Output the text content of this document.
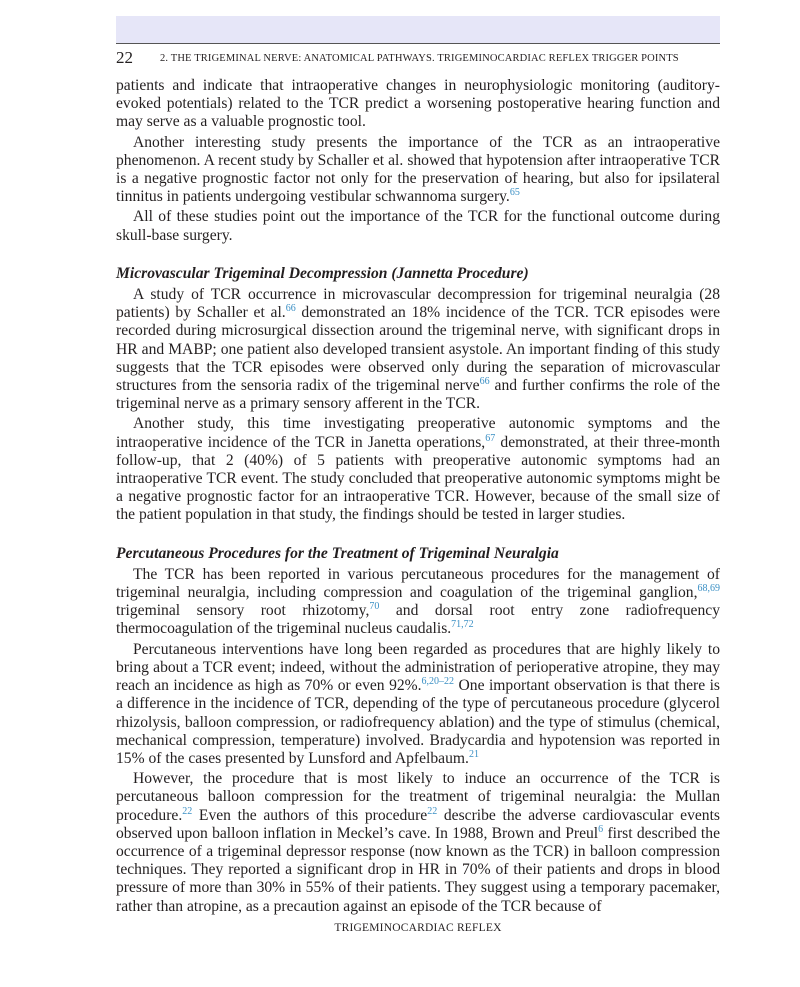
22	2. THE TRIGEMINAL NERVE: ANATOMICAL PATHWAYS. TRIGEMINOCARDIAC REFLEX TRIGGER POINTS

patients and indicate that intraoperative changes in neurophysiologic monitoring (auditory-evoked potentials) related to the TCR predict a worsening postoperative hearing function and may serve as a valuable prognostic tool.

Another interesting study presents the importance of the TCR as an intraoperative phenomenon. A recent study by Schaller et al. showed that hypotension after intraoperative TCR is a negative prognostic factor not only for the preservation of hearing, but also for ipsilateral tinnitus in patients undergoing vestibular schwannoma surgery.$^{65}$

All of these studies point out the importance of the TCR for the functional outcome during skull-base surgery.

Microvascular Trigeminal Decompression (Jannetta Procedure)

A study of TCR occurrence in microvascular decompression for trigeminal neuralgia (28 patients) by Schaller et al.$^{66}$ demonstrated an 18% incidence of the TCR. TCR episodes were recorded during microsurgical dissection around the trigeminal nerve, with significant drops in HR and MABP; one patient also developed transient asystole. An important finding of this study suggests that the TCR episodes were observed only during the separation of microvascular structures from the sensoria radix of the trigeminal nerve$^{66}$ and further confirms the role of the trigeminal nerve as a primary sensory afferent in the TCR.

Another study, this time investigating preoperative autonomic symptoms and the intraoperative incidence of the TCR in Janetta operations,$^{67}$ demonstrated, at their three-month follow-up, that 2 (40%) of 5 patients with preoperative autonomic symptoms had an intraoperative TCR event. The study concluded that preoperative autonomic symptoms might be a negative prognostic factor for an intraoperative TCR. However, because of the small size of the patient population in that study, the findings should be tested in larger studies.

Percutaneous Procedures for the Treatment of Trigeminal Neuralgia

The TCR has been reported in various percutaneous procedures for the management of trigeminal neuralgia, including compression and coagulation of the trigeminal ganglion,$^{68,69}$ trigeminal sensory root rhizotomy,$^{70}$ and dorsal root entry zone radiofrequency thermocoagulation of the trigeminal nucleus caudalis.$^{71,72}$

Percutaneous interventions have long been regarded as procedures that are highly likely to bring about a TCR event; indeed, without the administration of perioperative atropine, they may reach an incidence as high as 70% or even 92%.$^{6,20-22}$ One important observation is that there is a difference in the incidence of TCR, depending of the type of percutaneous procedure (glycerol rhizolysis, balloon compression, or radiofrequency ablation) and the type of stimulus (chemical, mechanical compression, temperature) involved. Bradycardia and hypotension was reported in 15% of the cases presented by Lunsford and Apfelbaum.$^{21}$

However, the procedure that is most likely to induce an occurrence of the TCR is percutaneous balloon compression for the treatment of trigeminal neuralgia: the Mullan procedure.$^{22}$ Even the authors of this procedure$^{22}$ describe the adverse cardiovascular events observed upon balloon inflation in Meckel’s cave. In 1988, Brown and Preul$^6$ first described the occurrence of a trigeminal depressor response (now known as the TCR) in balloon compression techniques. They reported a significant drop in HR in 70% of their patients and drops in blood pressure of more than 30% in 55% of their patients. They suggest using a temporary pacemaker, rather than atropine, as a precaution against an episode of the TCR because of

TRIGEMINOCARDIAC REFLEX
